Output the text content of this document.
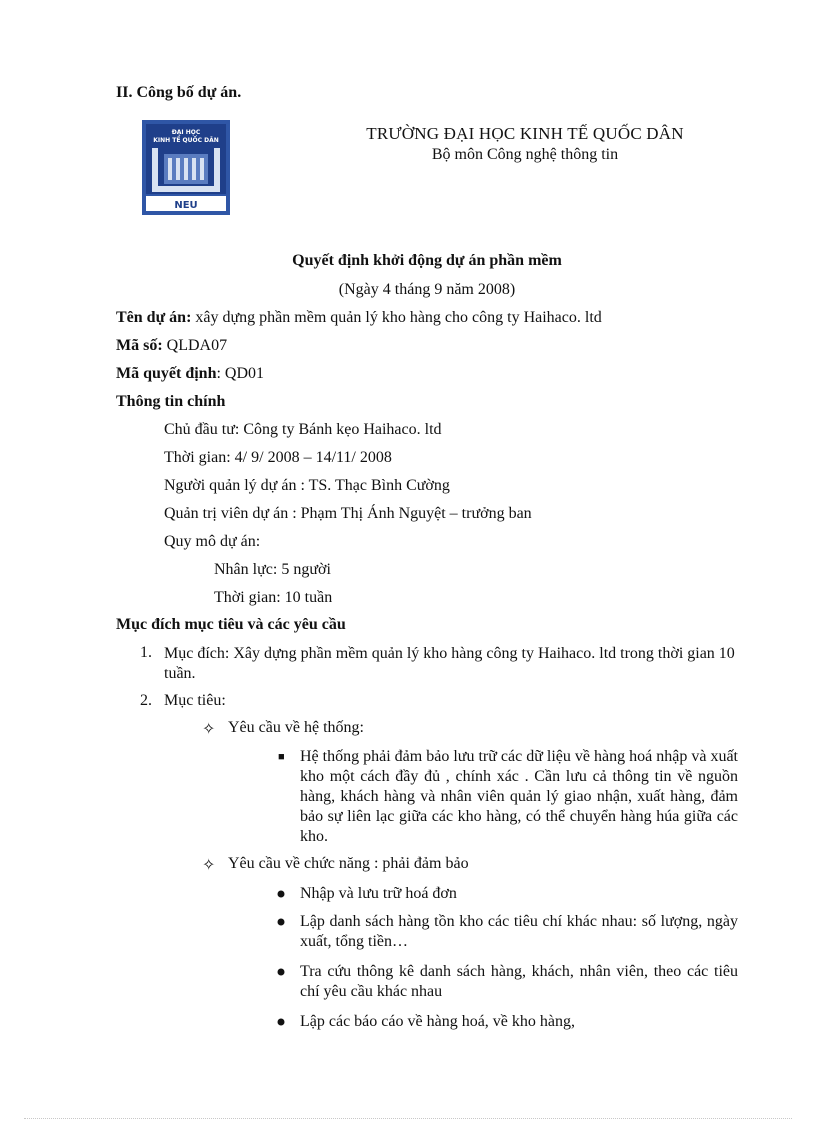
II. Công bố dự án.
ĐẠI HỌC
KINH TẾ QUỐC DÂN
NEU
TRƯỜNG ĐẠI HỌC KINH TẾ QUỐC DÂN
Bộ môn Công nghệ thông tin
Quyết định khởi động dự án phần mềm
(Ngày 4 tháng 9 năm 2008)
Tên dự án: xây dựng phần mềm quản lý kho hàng cho công ty Haihaco. ltd
Mã số: QLDA07
Mã quyết định: QD01
Thông tin chính
Chủ đầu tư: Công ty Bánh kẹo Haihaco. ltd
Thời gian: 4/ 9/ 2008 – 14/11/ 2008
Người quản lý dự án : TS. Thạc Bình Cường
Quản trị viên dự án : Phạm Thị Ánh Nguyệt – trưởng ban
Quy mô dự án:
Nhân lực: 5 người
Thời gian: 10 tuần
Mục đích mục tiêu và các yêu cầu
1. Mục đích: Xây dựng phần mềm quản lý kho hàng công ty Haihaco. ltd trong thời gian 10 tuần.
2. Mục tiêu:
✧ Yêu cầu về hệ thống:
■ Hệ thống phải đảm bảo lưu trữ các dữ liệu về hàng hoá nhập và xuất kho một cách đầy đủ , chính xác . Cần lưu cả thông tin về nguồn hàng, khách hàng và nhân viên quản lý giao nhận, xuất hàng, đảm bảo sự liên lạc giữa các kho hàng, có thể chuyển hàng húa giữa các kho.
✧ Yêu cầu về chức năng : phải đảm bảo
Nhập và lưu trữ hoá đơn
Lập danh sách hàng tồn kho các tiêu chí khác nhau: số lượng, ngày xuất, tổng tiền…
Tra cứu thông kê danh sách hàng, khách, nhân viên, theo các tiêu chí yêu cầu khác nhau
Lập các báo cáo về hàng hoá, về kho hàng,
